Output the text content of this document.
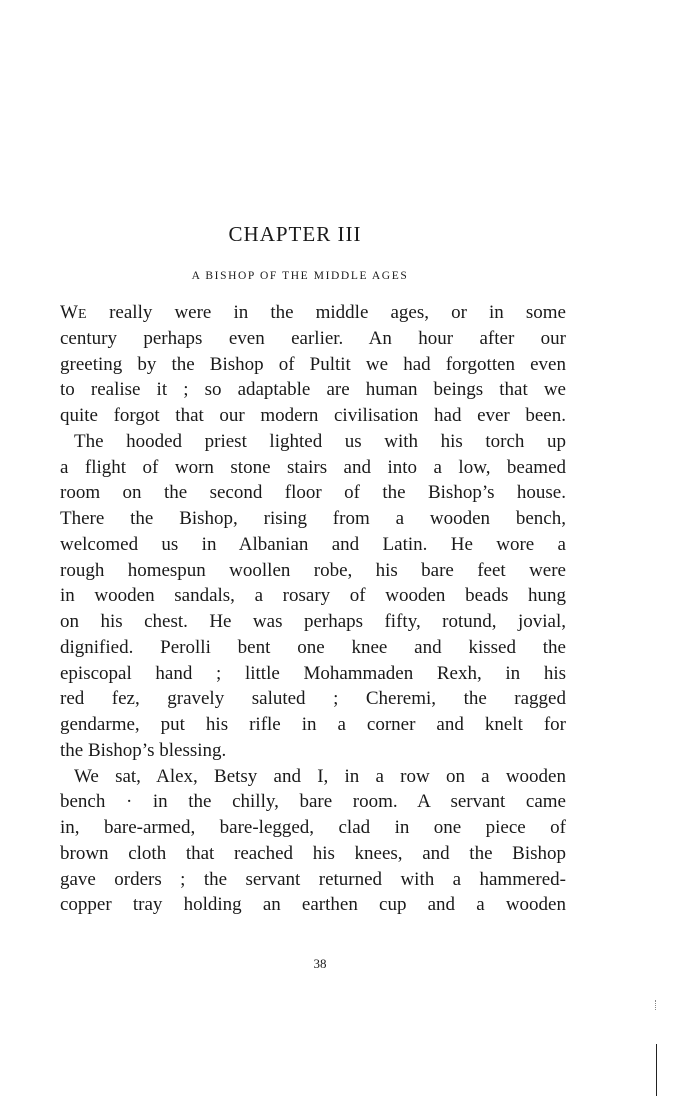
CHAPTER III
A BISHOP OF THE MIDDLE AGES
WE really were in the middle ages, or in some
century perhaps even earlier. An hour after our
greeting by the Bishop of Pultit we had forgotten even
to realise it ; so adaptable are human beings that we
quite forgot that our modern civilisation had ever been.
The hooded priest lighted us with his torch up
a flight of worn stone stairs and into a low, beamed
room on the second floor of the Bishop’s house.
There the Bishop, rising from a wooden bench,
welcomed us in Albanian and Latin. He wore a
rough homespun woollen robe, his bare feet were
in wooden sandals, a rosary of wooden beads hung
on his chest. He was perhaps fifty, rotund, jovial,
dignified. Perolli bent one knee and kissed the
episcopal hand ; little Mohammaden Rexh, in his
red fez, gravely saluted ; Cheremi, the ragged
gendarme, put his rifle in a corner and knelt for
the Bishop’s blessing.
We sat, Alex, Betsy and I, in a row on a wooden
bench · in the chilly, bare room. A servant came
in, bare-armed, bare-legged, clad in one piece of
brown cloth that reached his knees, and the Bishop
gave orders ; the servant returned with a hammered-
copper tray holding an earthen cup and a wooden
38
